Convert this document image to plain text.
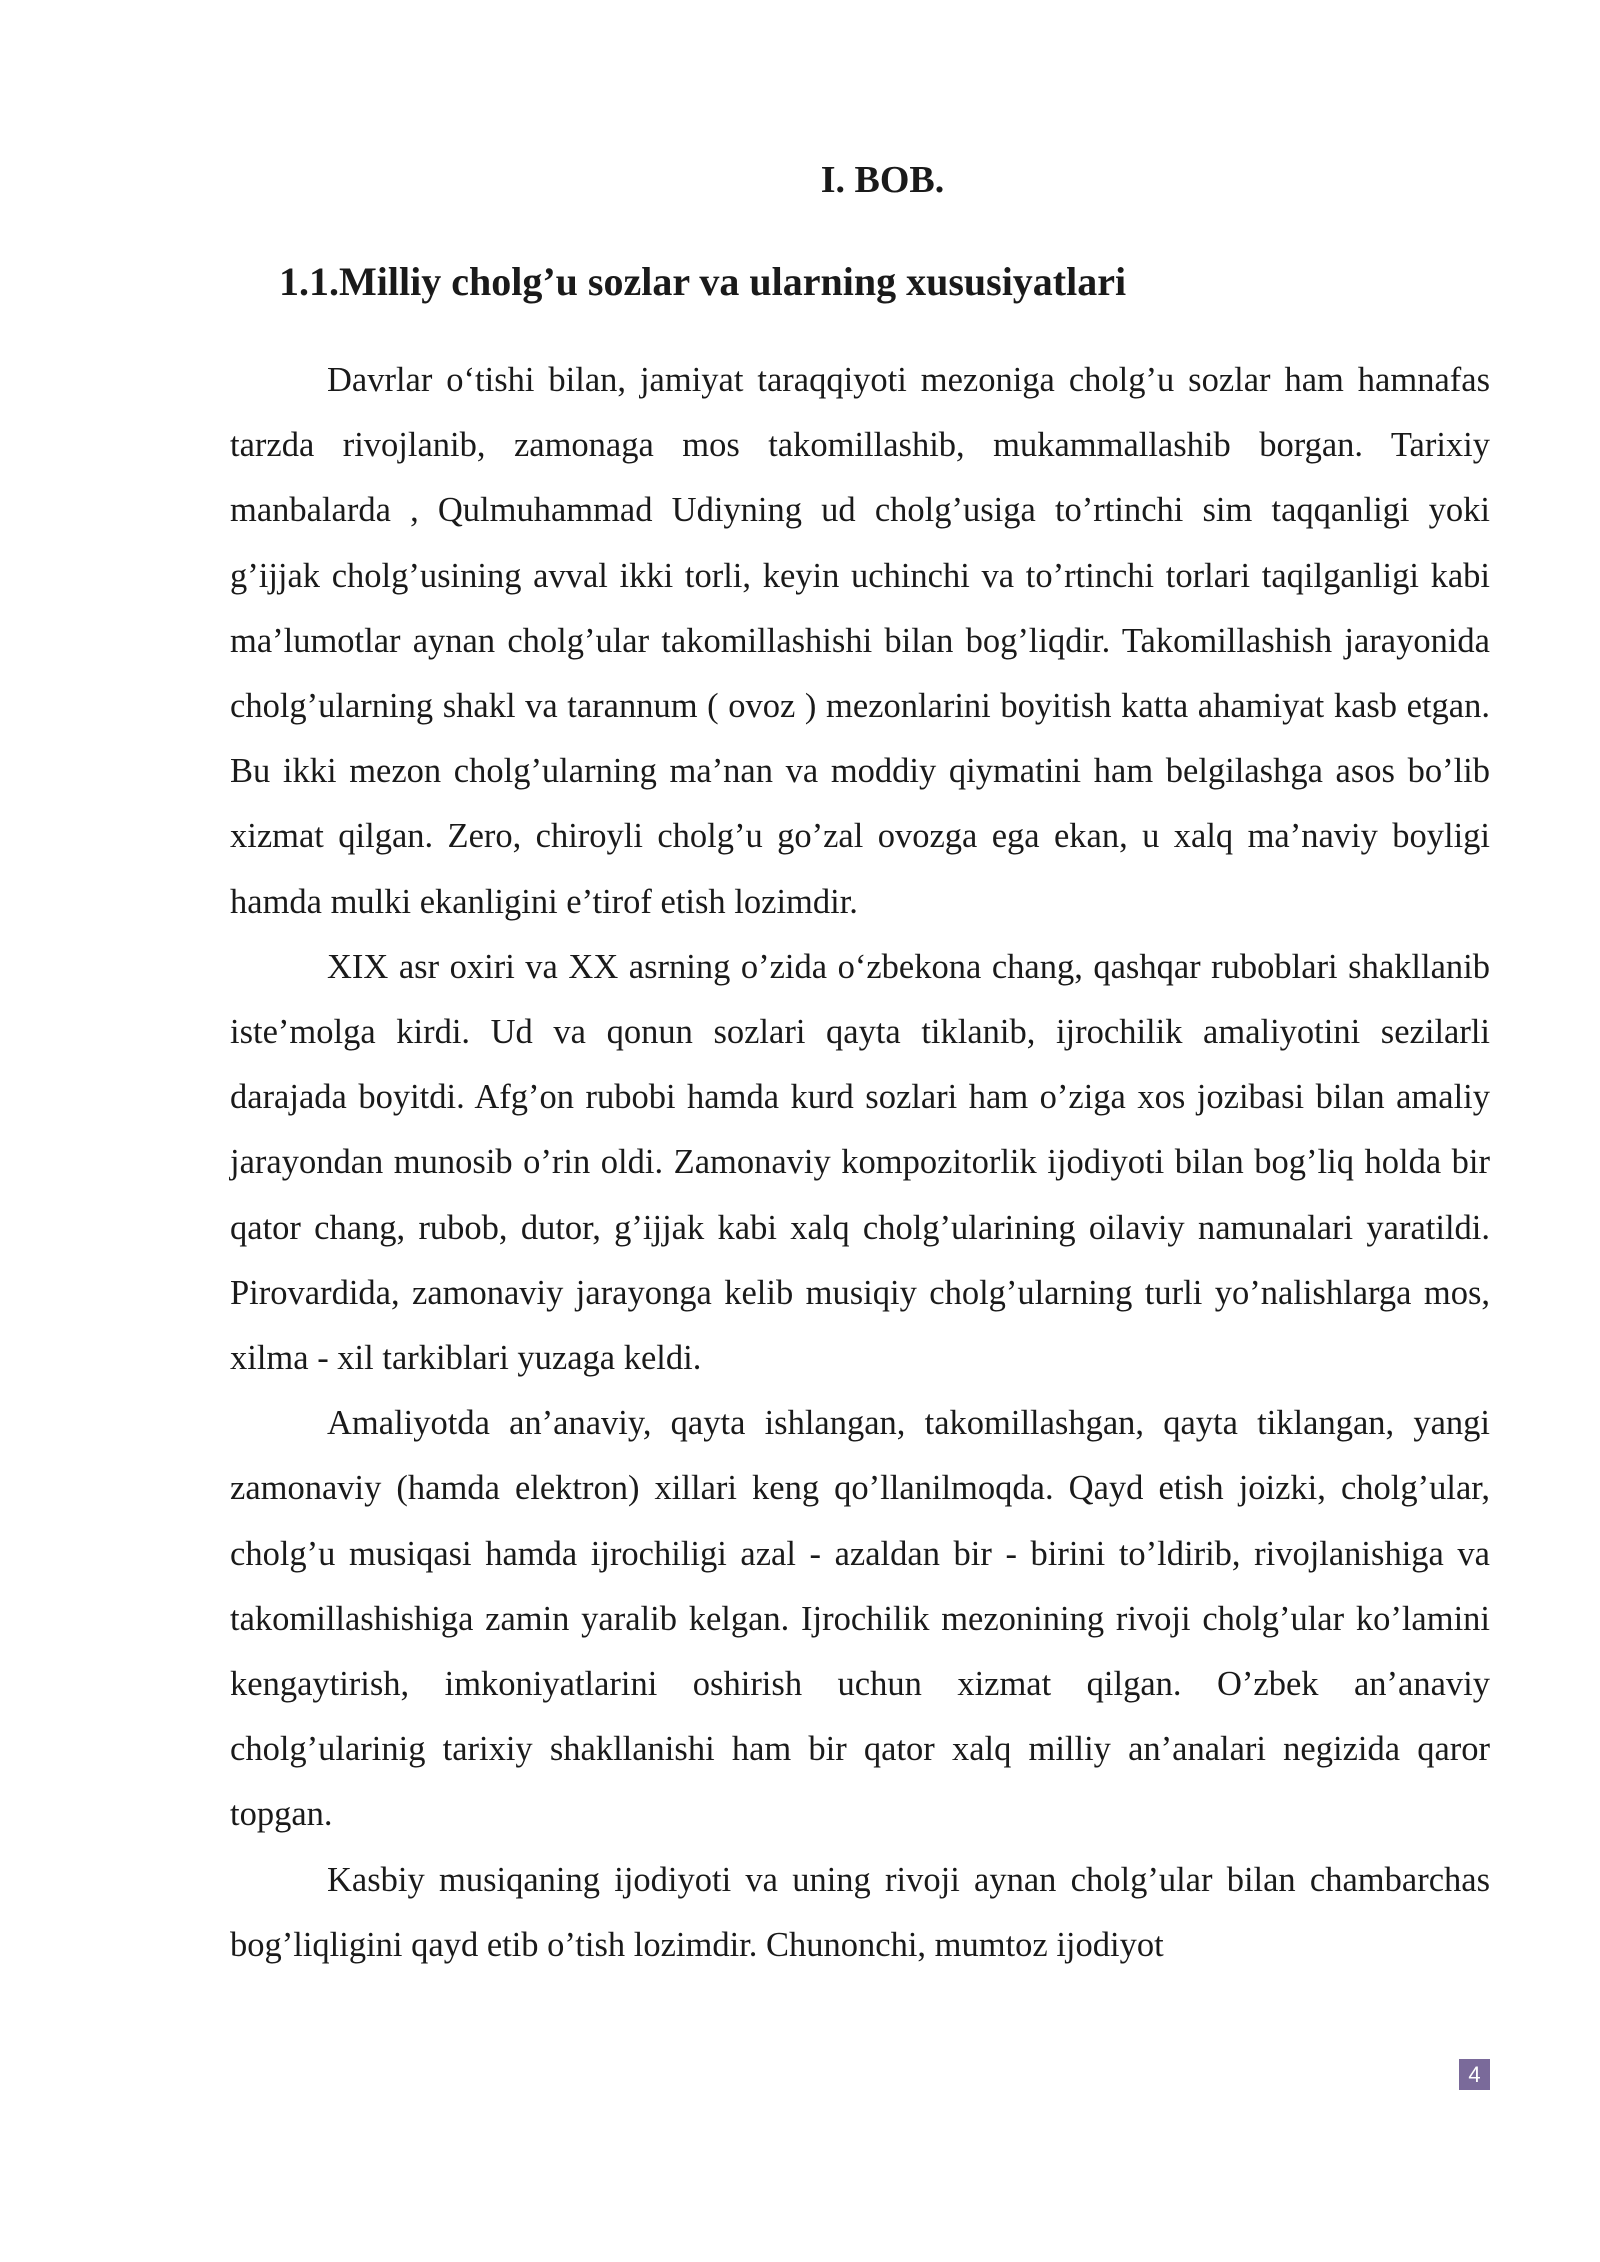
I. BOB.
1.1.Milliy cholg’u sozlar va ularning xususiyatlari

Davrlar o‘tishi bilan, jamiyat taraqqiyoti mezoniga cholg’u sozlar ham hamnafas tarzda rivojlanib, zamonaga mos takomillashib, mukammallashib borgan. Tarixiy manbalarda , Qulmuhammad Udiyning ud cholg’usiga to’rtinchi sim taqqanligi yoki g’ijjak cholg’usining avval ikki torli, keyin uchinchi va to’rtinchi torlari taqilganligi kabi ma’lumotlar aynan cholg’ular takomillashishi bilan bog’liqdir. Takomillashish jarayonida cholg’ularning shakl va tarannum ( ovoz ) mezonlarini boyitish katta ahamiyat kasb etgan. Bu ikki mezon cholg’ularning ma’nan va moddiy qiymatini ham belgilashga asos bo’lib xizmat qilgan. Zero, chiroyli cholg’u go’zal ovozga ega ekan, u xalq ma’naviy boyligi hamda mulki ekanligini e’tirof etish lozimdir.

XIX asr oxiri va XX asrning o’zida o‘zbekona chang, qashqar ruboblari shakllanib iste’molga kirdi. Ud va qonun sozlari qayta tiklanib, ijrochilik amaliyotini sezilarli darajada boyitdi. Afg’on rubobi hamda kurd sozlari ham o’ziga xos jozibasi bilan amaliy jarayondan munosib o’rin oldi. Zamonaviy kompozitorlik ijodiyoti bilan bog’liq holda bir qator chang, rubob, dutor, g’ijjak kabi xalq cholg’ularining oilaviy namunalari yaratildi. Pirovardida, zamonaviy jarayonga kelib musiqiy cholg’ularning turli yo’nalishlarga mos, xilma - xil tarkiblari yuzaga keldi.

Amaliyotda an’anaviy, qayta ishlangan, takomillashgan, qayta tiklangan, yangi zamonaviy (hamda elektron) xillari keng qo’llanilmoqda. Qayd etish joizki, cholg’ular, cholg’u musiqasi hamda ijrochiligi azal - azaldan bir - birini to’ldirib, rivojlanishiga va takomillashishiga zamin yaralib kelgan. Ijrochilik mezonining rivoji cholg’ular ko’lamini kengaytirish, imkoniyatlarini oshirish uchun xizmat qilgan. O’zbek an’anaviy cholg’ularinig tarixiy shakllanishi ham bir qator xalq milliy an’analari negizida qaror topgan.

Kasbiy musiqaning ijodiyoti va uning rivoji aynan cholg’ular bilan chambarchas bog’liqligini qayd etib o’tish lozimdir. Chunonchi, mumtoz ijodiyot

4
